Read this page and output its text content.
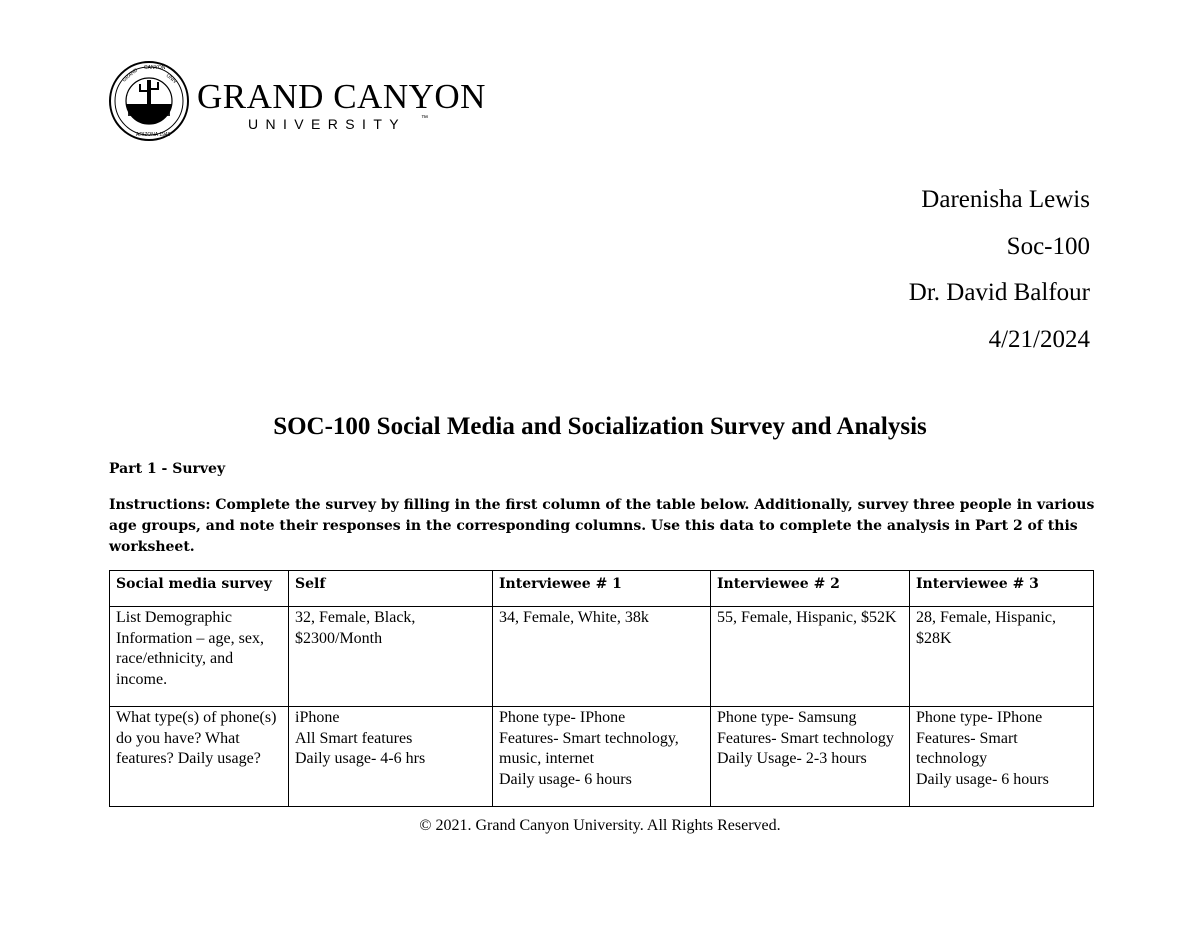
GRAND CANYON
UNIV
ARIZONA 1949
GRAND CANYON
UNIVERSITY ™
Darenisha Lewis
Soc-100
Dr. David Balfour
4/21/2024
SOC-100 Social Media and Socialization Survey and Analysis
Part 1 - Survey
Instructions: Complete the survey by filling in the first column of the table below. Additionally, survey three people in various age groups, and note their responses in the corresponding columns. Use this data to complete the analysis in Part 2 of this worksheet.
Social media survey	Self	Interviewee # 1	Interviewee # 2	Interviewee # 3
List Demographic Information – age, sex, race/ethnicity, and income.	32, Female, Black, $2300/Month	34, Female, White, 38k	55, Female, Hispanic, $52K	28, Female, Hispanic, $28K
What type(s) of phone(s) do you have? What features? Daily usage?	iPhone
All Smart features
Daily usage- 4-6 hrs	Phone type- IPhone
Features- Smart technology, music, internet
Daily usage- 6 hours	Phone type- Samsung
Features- Smart technology
Daily Usage- 2-3 hours	Phone type- IPhone
Features- Smart technology
Daily usage- 6 hours
© 2021. Grand Canyon University. All Rights Reserved.
